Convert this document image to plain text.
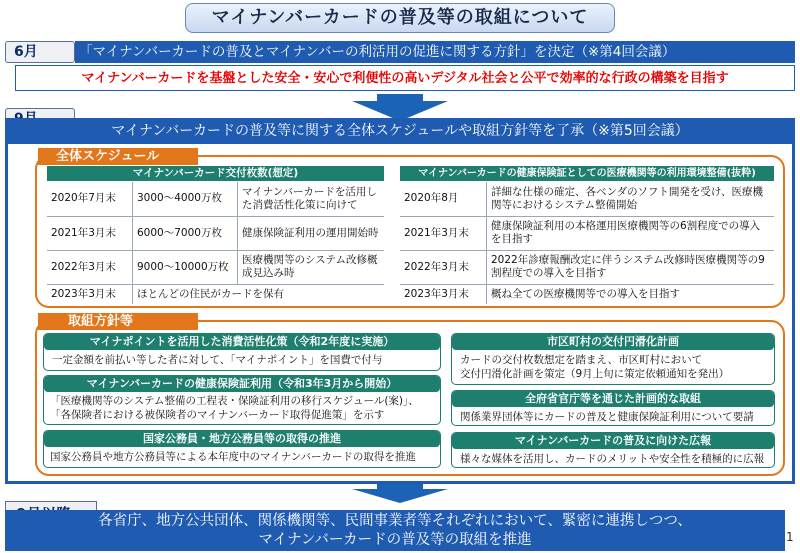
マイナンバーカードの普及等の取組について
6月	「マイナンバーカードの普及とマイナンバーの利活用の促進に関する方針」を決定（※第4回会議）
マイナンバーカードを基盤とした安全・安心で利便性の高いデジタル社会と公平で効率的な行政の構築を目指す
マイナンバーカードの普及等に関する全体スケジュールや取組方針等を了承（※第5回会議）
全体スケジュール
マイナンバーカード交付枚数(想定)
2020年7月末	3000～4000万枚	マイナンバーカードを活用した消費活性化策に向けて
2021年3月末	6000～7000万枚	健康保険証利用の運用開始時
2022年3月末	9000～10000万枚	医療機関等のシステム改修概成見込み時
2023年3月末	ほとんどの住民がカードを保有	
マイナンバーカードの健康保険証としての医療機関等の利用環境整備(抜粋)
2020年8月	詳細な仕様の確定、各ベンダのソフト開発を受け、医療機関等におけるシステム整備開始
2021年3月末	健康保険証利用の本格運用医療機関等の6割程度での導入を目指す
2022年3月末	2022年診療報酬改定に伴うシステム改修時医療機関等の9割程度での導入を目指す
2023年3月末	概ね全ての医療機関等での導入を目指す
取組方針等
マイナポイントを活用した消費活性化策（令和2年度に実施）
一定金額を前払い等した者に対して、「マイナポイント」を国費で付与
マイナンバーカードの健康保険証利用（令和3年3月から開始）
「医療機関等のシステム整備の工程表・保険証利用の移行スケジュール(案)」、
「各保険者における被保険者のマイナンバーカード取得促進策」を示す
国家公務員・地方公務員等の取得の推進
国家公務員や地方公務員等による本年度中のマイナンバーカードの取得を推進
市区町村の交付円滑化計画
カードの交付枚数想定を踏まえ、市区町村において
交付円滑化計画を策定（9月上旬に策定依頼通知を発出）
全府省官庁等を通じた計画的な取組
関係業界団体等にカードの普及と健康保険証利用について要請
マイナンバーカードの普及に向けた広報
様々な媒体を活用し、カードのメリットや安全性を積極的に広報
各省庁、地方公共団体、関係機関等、民間事業者等それぞれにおいて、緊密に連携しつつ、
マイナンバーカードの普及等の取組を推進	1
